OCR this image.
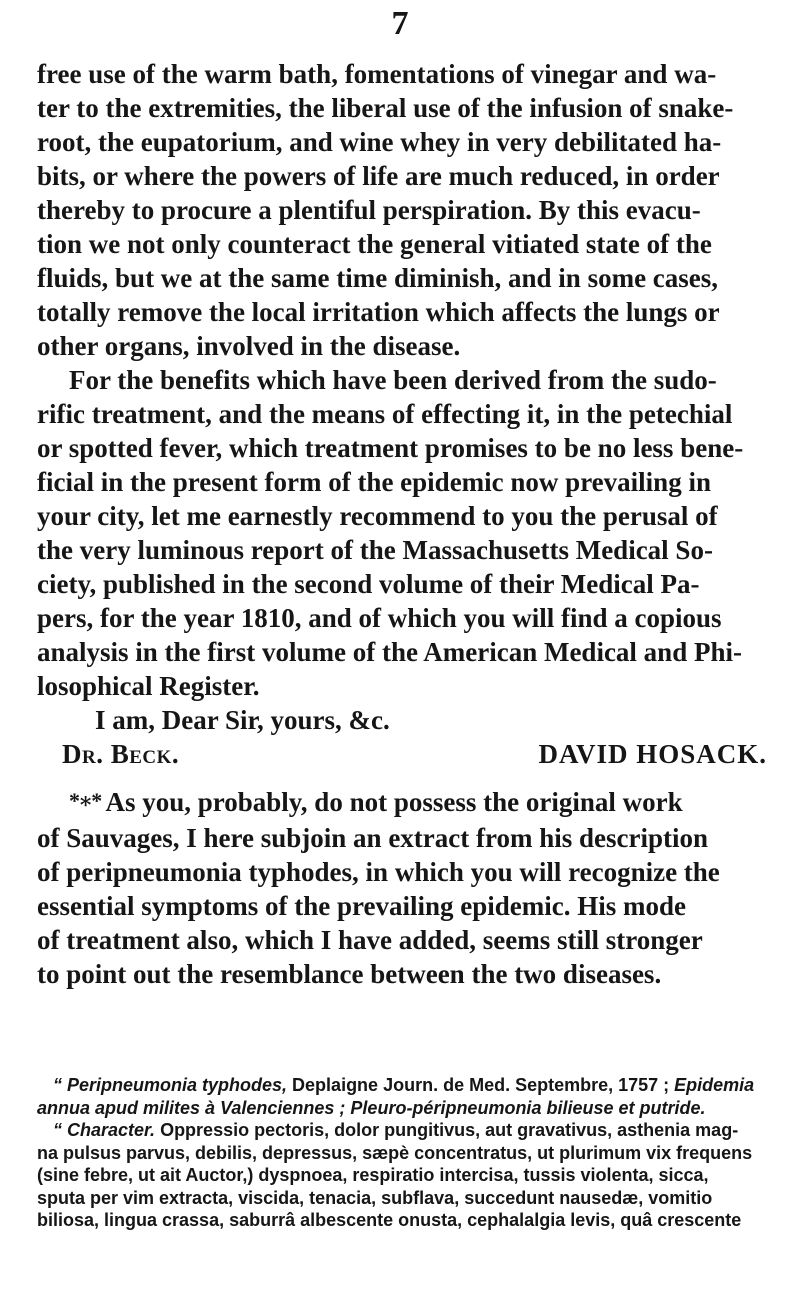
7
free use of the warm bath, fomentations of vinegar and wa-
ter to the extremities, the liberal use of the infusion of snake-
root, the eupatorium, and wine whey in very debilitated ha-
bits, or where the powers of life are much reduced, in order
thereby to procure a plentiful perspiration. By this evacu-
tion we not only counteract the general vitiated state of the
fluids, but we at the same time diminish, and in some cases,
totally remove the local irritation which affects the lungs or
other organs, involved in the disease.
For the benefits which have been derived from the sudo-
rific treatment, and the means of effecting it, in the petechial
or spotted fever, which treatment promises to be no less bene-
ficial in the present form of the epidemic now prevailing in
your city, let me earnestly recommend to you the perusal of
the very luminous report of the Massachusetts Medical So-
ciety, published in the second volume of their Medical Pa-
pers, for the year 1810, and of which you will find a copious
analysis in the first volume of the American Medical and Phi-
losophical Register.
I am, Dear Sir, yours, &c.
Dr. Beck.	DAVID HOSACK.
*∗* As you, probably, do not possess the original work
of Sauvages, I here subjoin an extract from his description
of peripneumonia typhodes, in which you will recognize the
essential symptoms of the prevailing epidemic. His mode
of treatment also, which I have added, seems still stronger
to point out the resemblance between the two diseases.
“ Peripneumonia typhodes, Deplaigne Journ. de Med. Septembre, 1757 ; Epidemia
annua apud milites à Valenciennes ; Pleuro-péripneumonia bilieuse et putride.
“ Character. Oppressio pectoris, dolor pungitivus, aut gravativus, asthenia mag-
na pulsus parvus, debilis, depressus, sæpè concentratus, ut plurimum vix frequens
(sine febre, ut ait Auctor,) dyspnoea, respiratio intercisa, tussis violenta, sicca,
sputa per vim extracta, viscida, tenacia, subflava, succedunt nausedæ, vomitio
biliosa, lingua crassa, saburrâ albescente onusta, cephalalgia levis, quâ crescente
